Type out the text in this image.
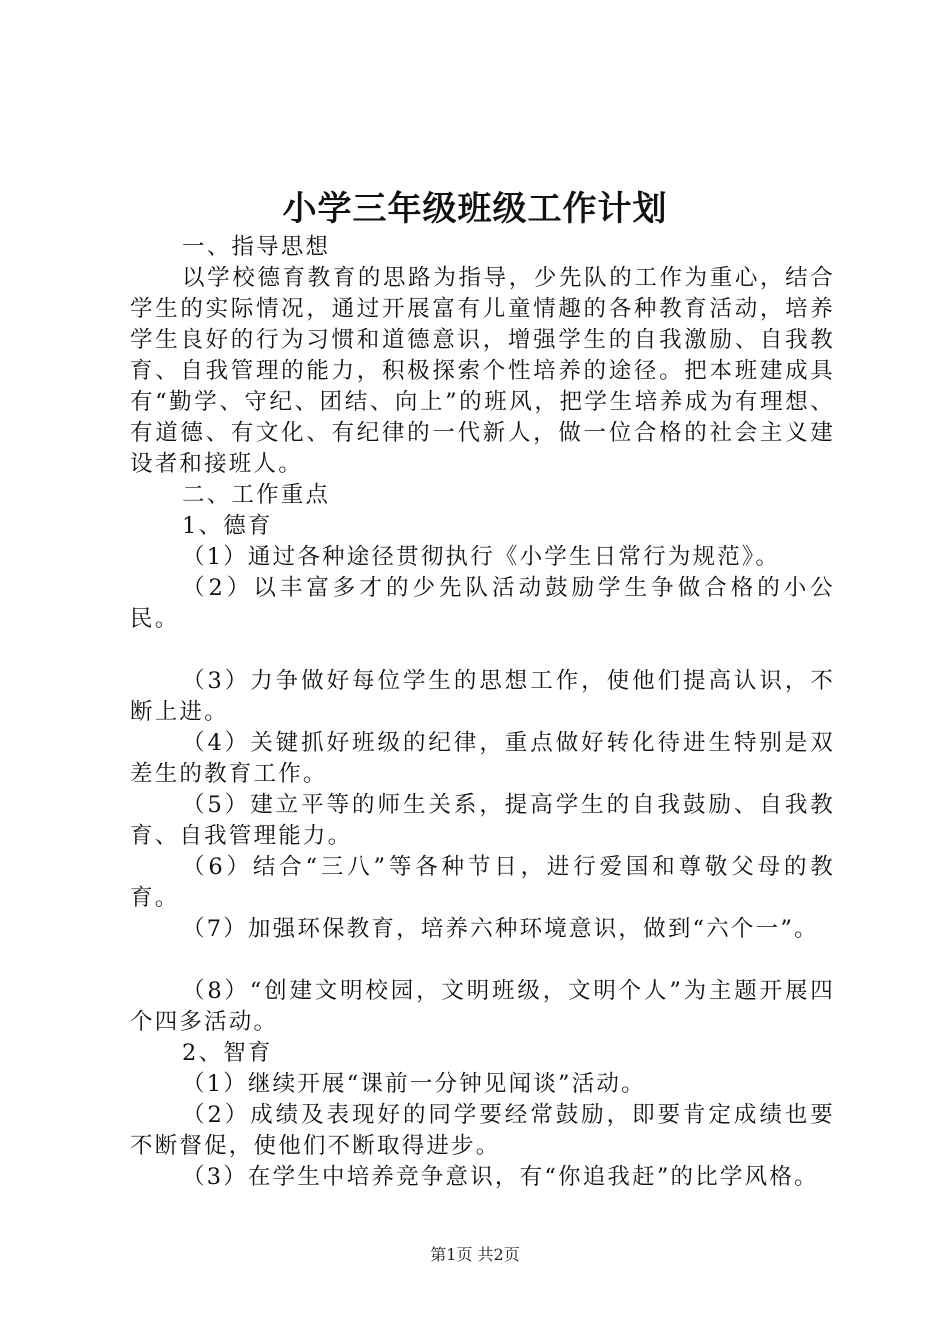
小学三年级班级工作计划

一、指导思想

以学校德育教育的思路为指导，少先队的工作为重心，结合学生的实际情况，通过开展富有儿童情趣的各种教育活动，培养学生良好的行为习惯和道德意识，增强学生的自我激励、自我教育、自我管理的能力，积极探索个性培养的途径。把本班建成具有“勤学、守纪、团结、向上”的班风，把学生培养成为有理想、有道德、有文化、有纪律的一代新人，做一位合格的社会主义建设者和接班人。

二、工作重点

1、德育

（1）通过各种途径贯彻执行《小学生日常行为规范》。

（2）以丰富多才的少先队活动鼓励学生争做合格的小公民。

（3）力争做好每位学生的思想工作，使他们提高认识，不断上进。

（4）关键抓好班级的纪律，重点做好转化待进生特别是双差生的教育工作。

（5）建立平等的师生关系，提高学生的自我鼓励、自我教育、自我管理能力。

（6）结合“三八”等各种节日，进行爱国和尊敬父母的教育。

（7）加强环保教育，培养六种环境意识，做到“六个一”。

（8）“创建文明校园，文明班级，文明个人”为主题开展四个四多活动。

2、智育

（1）继续开展“课前一分钟见闻谈”活动。

（2）成绩及表现好的同学要经常鼓励，即要肯定成绩也要不断督促，使他们不断取得进步。

（3）在学生中培养竞争意识，有“你追我赶”的比学风格。

第1页 共2页
